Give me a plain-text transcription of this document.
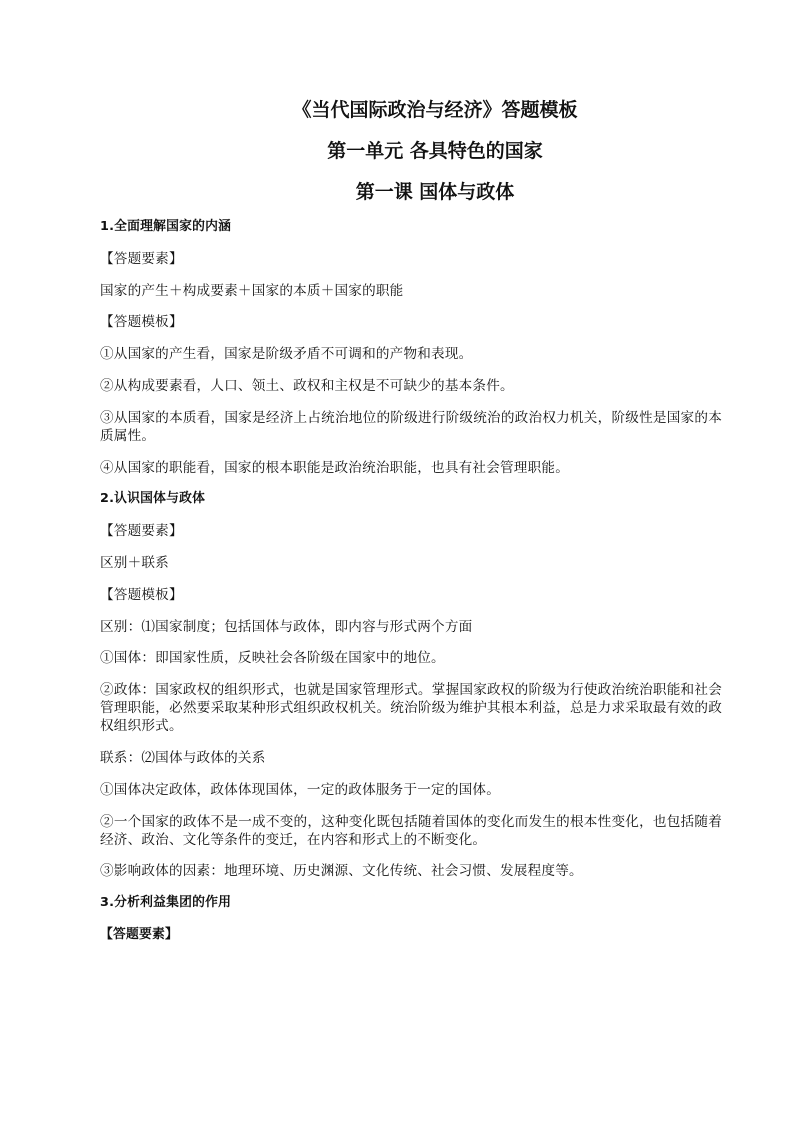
《当代国际政治与经济》答题模板
第一单元 各具特色的国家
第一课 国体与政体

1.全面理解国家的内涵

【答题要素】

国家的产生＋构成要素＋国家的本质＋国家的职能

【答题模板】

①从国家的产生看，国家是阶级矛盾不可调和的产物和表现。

②从构成要素看，人口、领土、政权和主权是不可缺少的基本条件。

③从国家的本质看，国家是经济上占统治地位的阶级进行阶级统治的政治权力机关，阶级性是国家的本质属性。

④从国家的职能看，国家的根本职能是政治统治职能，也具有社会管理职能。

2.认识国体与政体

【答题要素】

区别＋联系

【答题模板】

区别：⑴国家制度；包括国体与政体，即内容与形式两个方面

①国体：即国家性质，反映社会各阶级在国家中的地位。

②政体：国家政权的组织形式，也就是国家管理形式。掌握国家政权的阶级为行使政治统治职能和社会管理职能，必然要采取某种形式组织政权机关。统治阶级为维护其根本利益，总是力求采取最有效的政权组织形式。

联系：⑵国体与政体的关系

①国体决定政体，政体体现国体，一定的政体服务于一定的国体。

②一个国家的政体不是一成不变的，这种变化既包括随着国体的变化而发生的根本性变化，也包括随着经济、政治、文化等条件的变迁，在内容和形式上的不断变化。

③影响政体的因素：地理环境、历史渊源、文化传统、社会习惯、发展程度等。

3.分析利益集团的作用

【答题要素】
